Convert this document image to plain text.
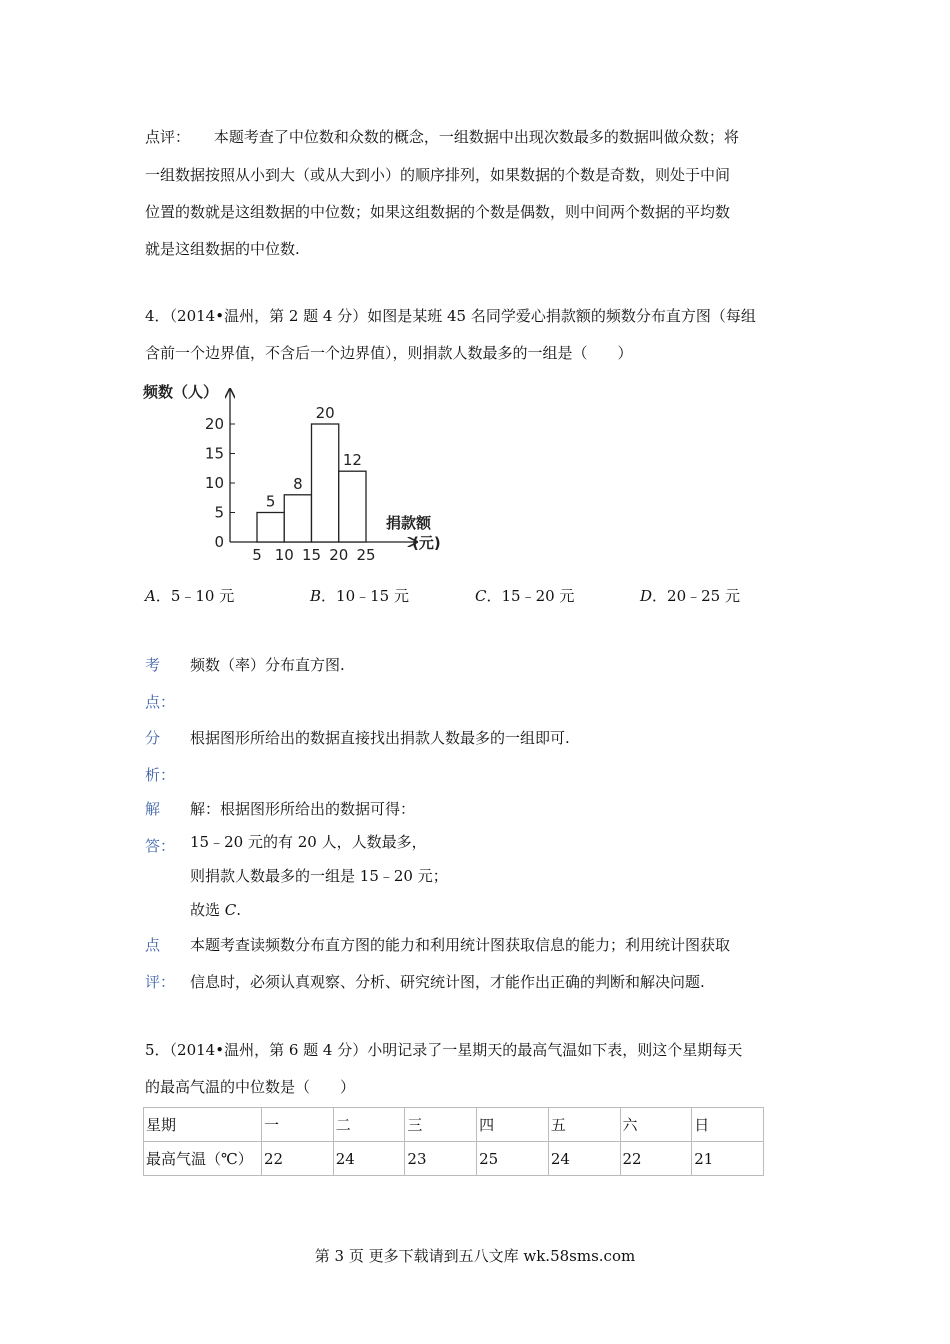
点评： 本题考查了中位数和众数的概念，一组数据中出现次数最多的数据叫做众数；将
一组数据按照从小到大（或从大到小）的顺序排列，如果数据的个数是奇数，则处于中间
位置的数就是这组数据的中位数；如果这组数据的个数是偶数，则中间两个数据的平均数
就是这组数据的中位数.
4．（2014•温州，第 2 题 4 分）如图是某班 45 名同学爱心捐款额的频数分布直方图（每组
含前一个边界值，不含后一个边界值），则捐款人数最多的一组是（　　）
频数（人）
5
8
20
12
0
5
10
15
20
5 10 15 20 25
捐款额
(元)
A．5﹣10 元	B．10﹣15 元	C．15﹣20 元	D．20﹣25 元
考
点：
频数（率）分布直方图.
分
析：
根据图形所给出的数据直接找出捐款人数最多的一组即可.
解
答：
解：根据图形所给出的数据可得：
15﹣20 元的有 20 人，人数最多，
则捐款人数最多的一组是 15﹣20 元；
故选 C.
点
评：
本题考查读频数分布直方图的能力和利用统计图获取信息的能力；利用统计图获取
信息时，必须认真观察、分析、研究统计图，才能作出正确的判断和解决问题.
5．（2014•温州，第 6 题 4 分）小明记录了一星期天的最高气温如下表，则这个星期每天
的最高气温的中位数是（　　）
星期	一	二	三	四	五	六	日
最高气温（℃）	22	24	23	25	24	22	21
第 3 页 更多下载请到五八文库 wk.58sms.com
